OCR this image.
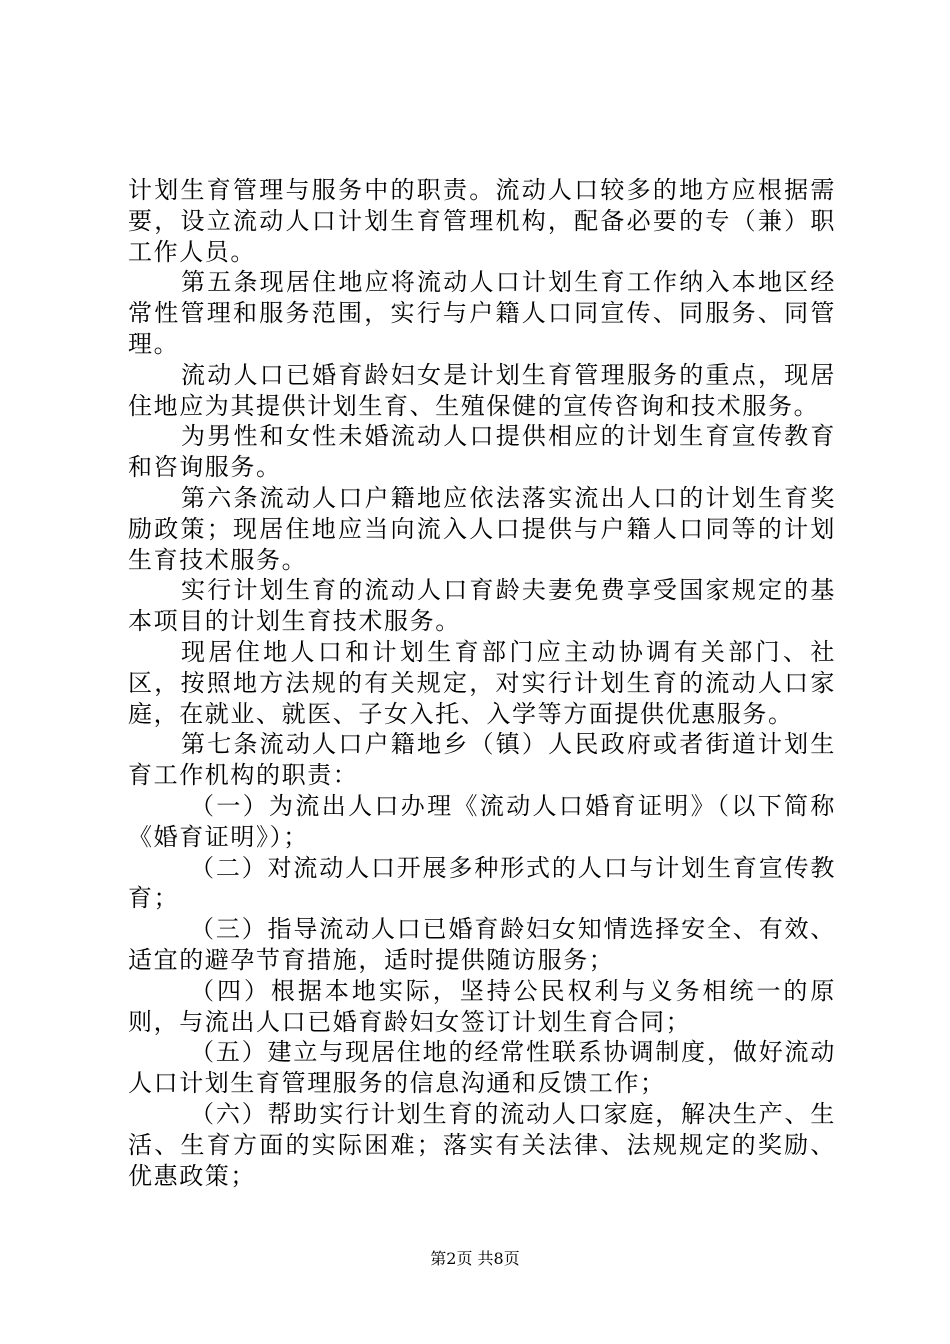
计划生育管理与服务中的职责。流动人口较多的地方应根据需要，设立流动人口计划生育管理机构，配备必要的专（兼）职工作人员。

第五条现居住地应将流动人口计划生育工作纳入本地区经常性管理和服务范围，实行与户籍人口同宣传、同服务、同管理。

流动人口已婚育龄妇女是计划生育管理服务的重点，现居住地应为其提供计划生育、生殖保健的宣传咨询和技术服务。

为男性和女性未婚流动人口提供相应的计划生育宣传教育和咨询服务。

第六条流动人口户籍地应依法落实流出人口的计划生育奖励政策；现居住地应当向流入人口提供与户籍人口同等的计划生育技术服务。

实行计划生育的流动人口育龄夫妻免费享受国家规定的基本项目的计划生育技术服务。

现居住地人口和计划生育部门应主动协调有关部门、社区，按照地方法规的有关规定，对实行计划生育的流动人口家庭，在就业、就医、子女入托、入学等方面提供优惠服务。

第七条流动人口户籍地乡（镇）人民政府或者街道计划生育工作机构的职责：

（一）为流出人口办理《流动人口婚育证明》（以下简称《婚育证明》）；

（二）对流动人口开展多种形式的人口与计划生育宣传教育；

（三）指导流动人口已婚育龄妇女知情选择安全、有效、适宜的避孕节育措施，适时提供随访服务；

（四）根据本地实际，坚持公民权利与义务相统一的原则，与流出人口已婚育龄妇女签订计划生育合同；

（五）建立与现居住地的经常性联系协调制度，做好流动人口计划生育管理服务的信息沟通和反馈工作；

（六）帮助实行计划生育的流动人口家庭，解决生产、生活、生育方面的实际困难；落实有关法律、法规规定的奖励、优惠政策；

第2页 共8页
